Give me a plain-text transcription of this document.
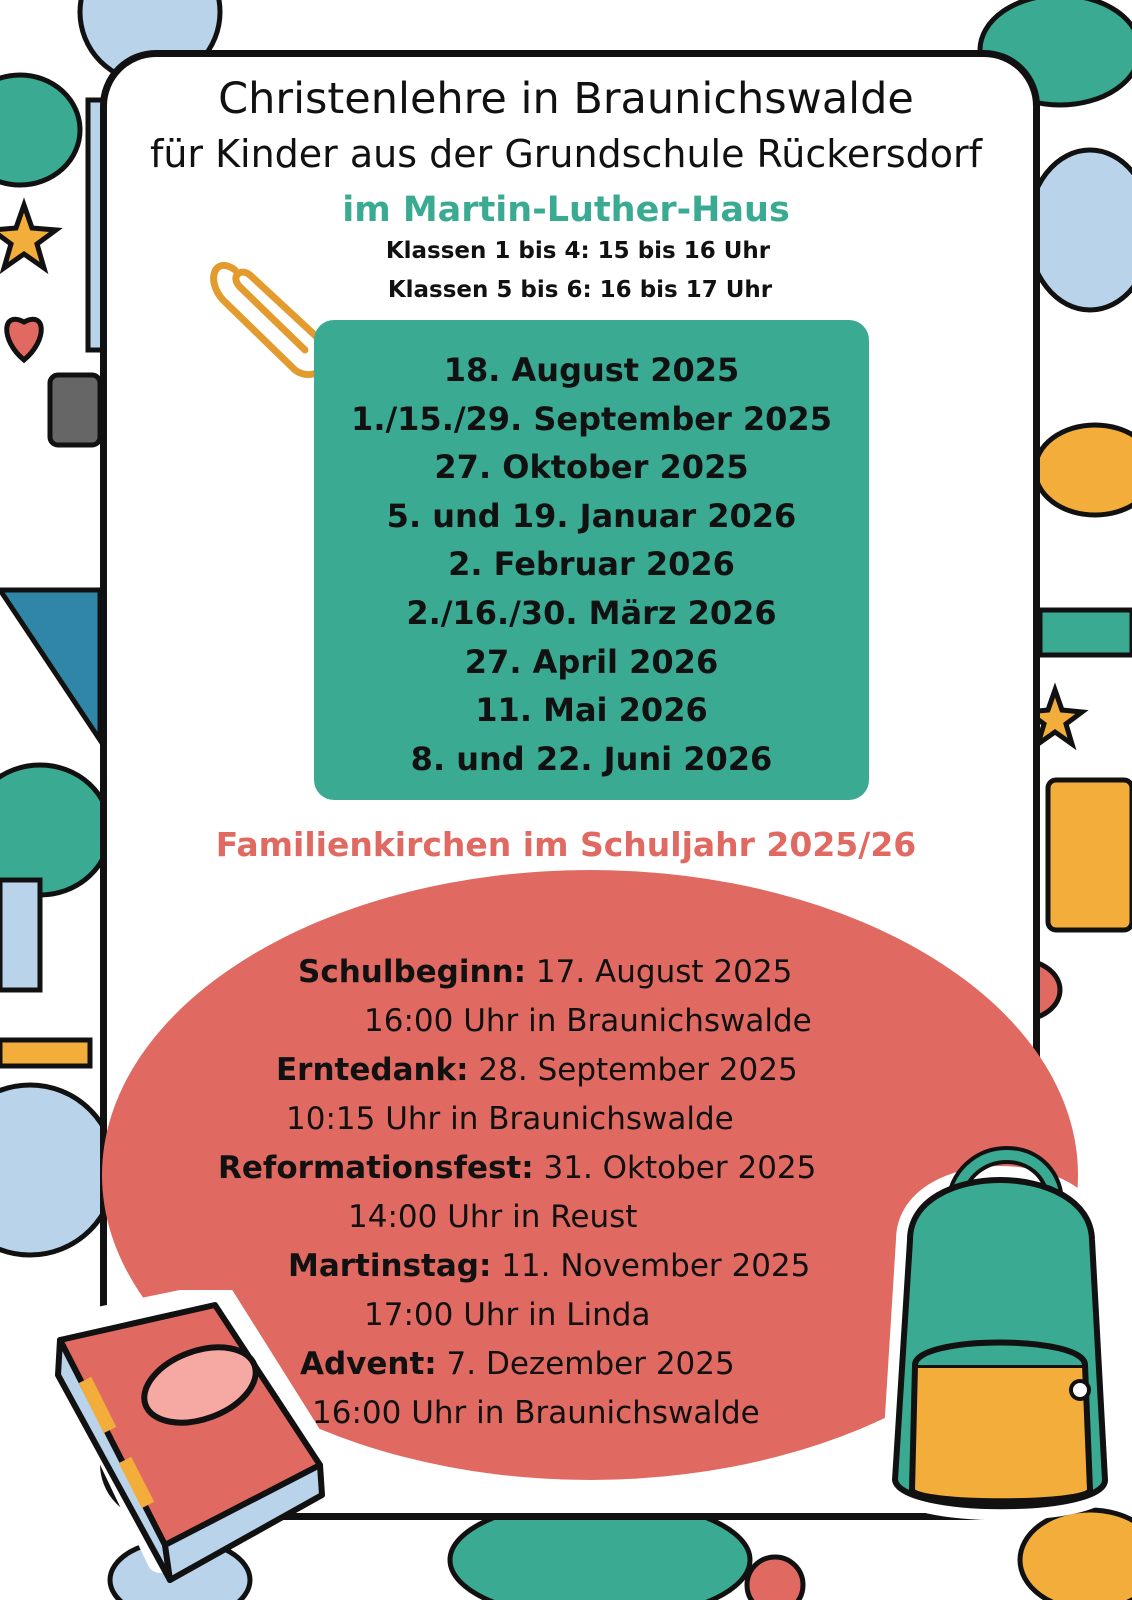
Christenlehre in Braunichswalde
für Kinder aus der Grundschule Rückersdorf
im Martin-Luther-Haus
Klassen 1 bis 4: 15 bis 16 Uhr
Klassen 5 bis 6: 16 bis 17 Uhr
18. August 2025
1./15./29. September 2025
27. Oktober 2025
5. und 19. Januar 2026
2. Februar 2026
2./16./30. März 2026
27. April 2026
11. Mai 2026
8. und 22. Juni 2026
Familienkirchen im Schuljahr 2025/26
Schulbeginn: 17. August 2025
16:00 Uhr in Braunichswalde
Erntedank: 28. September 2025
10:15 Uhr in Braunichswalde
Reformationsfest: 31. Oktober 2025
14:00 Uhr in Reust
Martinstag: 11. November 2025
17:00 Uhr in Linda
Advent: 7. Dezember 2025
16:00 Uhr in Braunichswalde
